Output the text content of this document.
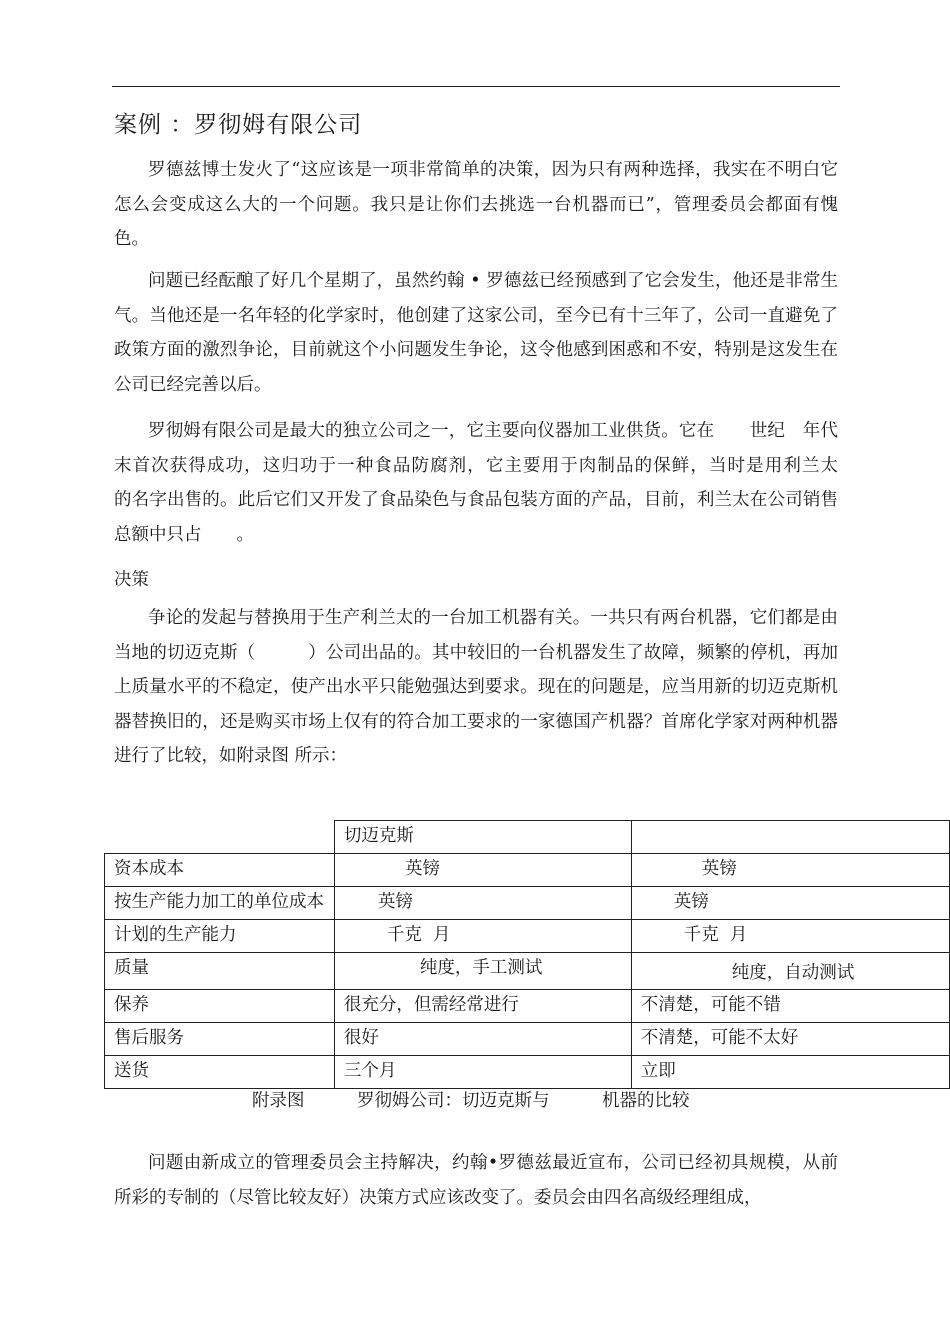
案例 ：罗彻姆有限公司

罗德兹博士发火了“这应该是一项非常简单的决策，因为只有两种选择，我实在不明白它怎么会变成这么大的一个问题。我只是让你们去挑选一台机器而已”，管理委员会都面有愧色。

问题已经酝酿了好几个星期了，虽然约翰 • 罗德兹已经预感到了它会发生，他还是非常生气。当他还是一名年轻的化学家时，他创建了这家公司，至今已有十三年了，公司一直避免了政策方面的激烈争论，目前就这个小问题发生争论，这令他感到困惑和不安，特别是这发生在公司已经完善以后。

罗彻姆有限公司是最大的独立公司之一，它主要向仪器加工业供货。它在　　世纪　年代末首次获得成功，这归功于一种食品防腐剂，它主要用于肉制品的保鲜，当时是用利兰太　　　　　的名字出售的。此后它们又开发了食品染色与食品包装方面的产品，目前，利兰太在公司销售总额中只占　　。

决策

争论的发起与替换用于生产利兰太的一台加工机器有关。一共只有两台机器，它们都是由当地的切迈克斯（　　　）公司出品的。其中较旧的一台机器发生了故障，频繁的停机，再加上质量水平的不稳定，使产出水平只能勉强达到要求。现在的问题是，应当用新的切迈克斯机器替换旧的，还是购买市场上仅有的符合加工要求的一家德国产机器？首席化学家对两种机器进行了比较，如附录图 所示：

	切迈克斯	
资本成本	英镑	英镑
按生产能力加工的单位成本	英镑	英镑
计划的生产能力	千克  月	千克  月
质量	纯度，手工测试	纯度，自动测试
保养	很充分，但需经常进行	不清楚，可能不错
售后服务	很好	不清楚，可能不太好
送货	三个月	立即
附录图　　　罗彻姆公司：切迈克斯与　　　机器的比较

问题由新成立的管理委员会主持解决，约翰•罗德兹最近宣布，公司已经初具规模，从前所彩的专制的（尽管比较友好）决策方式应该改变了。委员会由四名高级经理组成，
